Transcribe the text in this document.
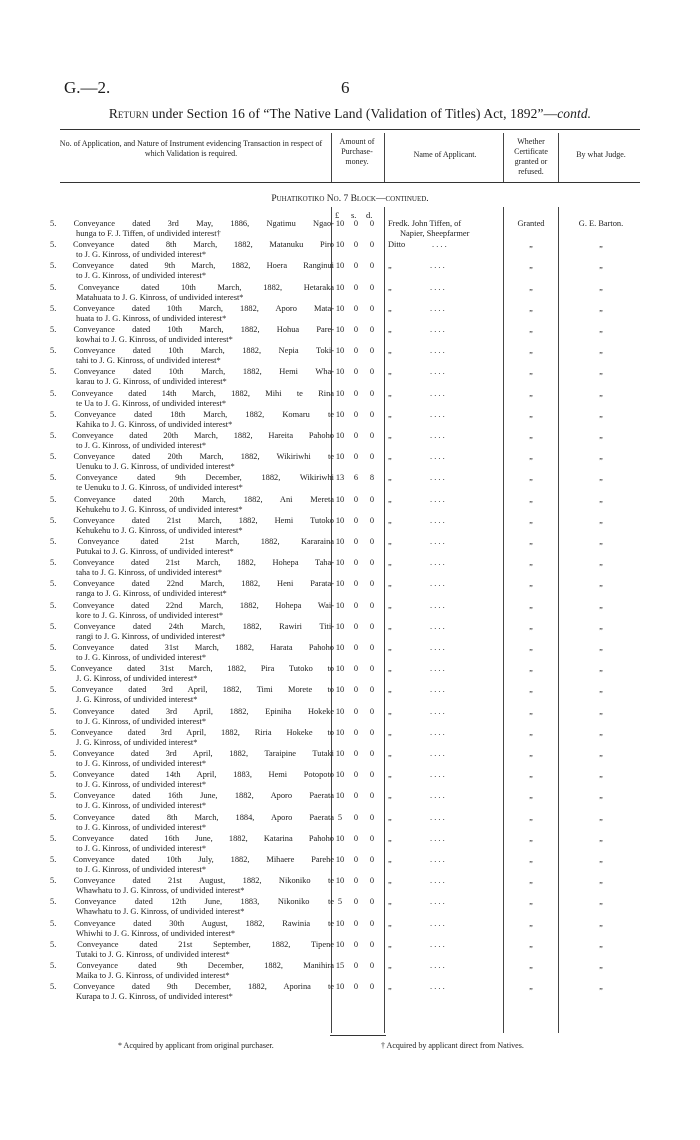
G.—2.	6
Return under Section 16 of “The Native Land (Validation of Titles) Act, 1892”—contd.
No. of Application, and Nature of Instrument evidencing Transaction in respect of which Validation is required.
Amount of Purchase-money.
Name of Applicant.
Whether Certificate granted or refused.
By what Judge.
Puhatikotiko No. 7 Block—continued.
£ s. d.
5. Conveyance dated 3rd May, 1886, Ngatimu Ngao-
hunga to F. J. Tiffen, of undivided interest†
10	0	0	Fredk. John Tiffen, of
Napier, Sheepfarmer
Granted	G. E. Barton.
5. Conveyance dated 8th March, 1882, Matanuku Piro
to J. G. Kinross, of undivided interest*
10	0	0	Ditto	. . . .	„	„
5. Conveyance dated 9th March, 1882, Hoera Ranginui
to J. G. Kinross, of undivided interest*
10	0	0	„	. . . .	„	„
5. Conveyance dated 10th March, 1882, Hetaraka
Matahuata to J. G. Kinross, of undivided interest*
10	0	0	„	. . . .	„	„
5. Conveyance dated 10th March, 1882, Aporo Mata-
huata to J. G. Kinross, of undivided interest*
10	0	0	„	. . . .	„	„
5. Conveyance dated 10th March, 1882, Hohua Pare-
kowhai to J. G. Kinross, of undivided interest*
10	0	0	„	. . . .	„	„
5. Conveyance dated 10th March, 1882, Nepia Toki-
tahi to J. G. Kinross, of undivided interest*
10	0	0	„	. . . .	„	„
5. Conveyance dated 10th March, 1882, Hemi Wha-
karau to J. G. Kinross, of undivided interest*
10	0	0	„	. . . .	„	„
5. Conveyance dated 14th March, 1882, Mihi te Rina
te Ua to J. G. Kinross, of undivided interest*
10	0	0	„	. . . .	„	„
5. Conveyance dated 18th March, 1882, Komaru te
Kahika to J. G. Kinross, of undivided interest*
10	0	0	„	. . . .	„	„
5. Conveyance dated 20th March, 1882, Hareita Pahoho
to J. G. Kinross, of undivided interest*
10	0	0	„	. . . .	„	„
5. Conveyance dated 20th March, 1882, Wikiriwhi te
Uenuku to J. G. Kinross, of undivided interest*
10	0	0	„	. . . .	„	„
5. Conveyance dated 9th December, 1882, Wikiriwhi
te Uenuku to J. G. Kinross, of undivided interest*
13	6	8	„	. . . .	„	„
5. Conveyance dated 20th March, 1882, Ani Mereta
Kehukehu to J. G. Kinross, of undivided interest*
10	0	0	„	. . . .	„	„
5. Conveyance dated 21st March, 1882, Hemi Tutoko
Kehukehu to J. G. Kinross, of undivided interest*
10	0	0	„	. . . .	„	„
5. Conveyance dated 21st March, 1882, Kararaina
Putukai to J. G. Kinross, of undivided interest*
10	0	0	„	. . . .	„	„
5. Conveyance dated 21st March, 1882, Hohepa Taha-
taha to J. G. Kinross, of undivided interest*
10	0	0	„	. . . .	„	„
5. Conveyance dated 22nd March, 1882, Heni Parata-
ranga to J. G. Kinross, of undivided interest*
10	0	0	„	. . . .	„	„
5. Conveyance dated 22nd March, 1882, Hohepa Wai-
kore to J. G. Kinross, of undivided interest*
10	0	0	„	. . . .	„	„
5. Conveyance dated 24th March, 1882, Rawiri Titi-
rangi to J. G. Kinross, of undivided interest*
10	0	0	„	. . . .	„	„
5. Conveyance dated 31st March, 1882, Harata Pahoho
to J. G. Kinross, of undivided interest*
10	0	0	„	. . . .	„	„
5. Conveyance dated 31st March, 1882, Pira Tutoko to
J. G. Kinross, of undivided interest*
10	0	0	„	. . . .	„	„
5. Conveyance dated 3rd April, 1882, Timi Morete to
J. G. Kinross, of undivided interest*
10	0	0	„	. . . .	„	„
5. Conveyance dated 3rd April, 1882, Epiniha Hokeke
to J. G. Kinross, of undivided interest*
10	0	0	„	. . . .	„	„
5. Conveyance dated 3rd April, 1882, Riria Hokeke to
J. G. Kinross, of undivided interest*
10	0	0	„	. . . .	„	„
5. Conveyance dated 3rd April, 1882, Taraipine Tutaki
to J. G. Kinross, of undivided interest*
10	0	0	„	. . . .	„	„
5. Conveyance dated 14th April, 1883, Hemi Potopoto
to J. G. Kinross, of undivided interest*
10	0	0	„	. . . .	„	„
5. Conveyance dated 16th June, 1882, Aporo Paerata
to J. G. Kinross, of undivided interest*
10	0	0	„	. . . .	„	„
5. Conveyance dated 8th March, 1884, Aporo Paerata
to J. G. Kinross, of undivided interest*
5	0	0	„	. . . .	„	„
5. Conveyance dated 16th June, 1882, Katarina Pahoho
to J. G. Kinross, of undivided interest*
10	0	0	„	. . . .	„	„
5. Conveyance dated 10th July, 1882, Mihaere Parehe
to J. G. Kinross, of undivided interest*
10	0	0	„	. . . .	„	„
5. Conveyance dated 21st August, 1882, Nikoniko te
Whawhatu to J. G. Kinross, of undivided interest*
10	0	0	„	. . . .	„	„
5. Conveyance dated 12th June, 1883, Nikoniko te
Whawhatu to J. G. Kinross, of undivided interest*
5	0	0	„	. . . .	„	„
5. Conveyance dated 30th August, 1882, Rawinia te
Whiwhi to J. G. Kinross, of undivided interest*
10	0	0	„	. . . .	„	„
5. Conveyance dated 21st September, 1882, Tipene
Tutaki to J. G. Kinross, of undivided interest*
10	0	0	„	. . . .	„	„
5. Conveyance dated 9th December, 1882, Manihira
Maika to J. G. Kinross, of undivided interest*
15	0	0	„	. . . .	„	„
5. Conveyance dated 9th December, 1882, Aporina te
Kurapa to J. G. Kinross, of undivided interest*
10	0	0	„	. . . .	„	„
* Acquired by applicant from original purchaser.	† Acquired by applicant direct from Natives.
